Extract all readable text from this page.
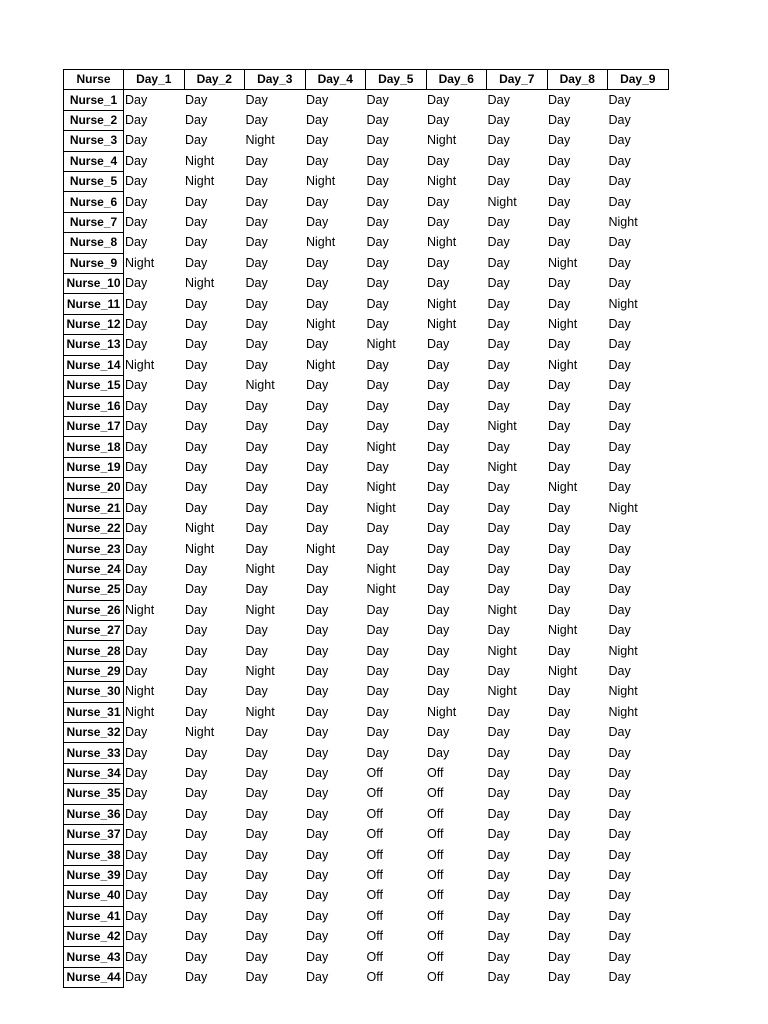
Nurse	Day_1	Day_2	Day_3	Day_4	Day_5	Day_6	Day_7	Day_8	Day_9
Nurse_1	Day	Day	Day	Day	Day	Day	Day	Day	Day
Nurse_2	Day	Day	Day	Day	Day	Day	Day	Day	Day
Nurse_3	Day	Day	Night	Day	Day	Night	Day	Day	Day
Nurse_4	Day	Night	Day	Day	Day	Day	Day	Day	Day
Nurse_5	Day	Night	Day	Night	Day	Night	Day	Day	Day
Nurse_6	Day	Day	Day	Day	Day	Day	Night	Day	Day
Nurse_7	Day	Day	Day	Day	Day	Day	Day	Day	Night
Nurse_8	Day	Day	Day	Night	Day	Night	Day	Day	Day
Nurse_9	Night	Day	Day	Day	Day	Day	Day	Night	Day
Nurse_10	Day	Night	Day	Day	Day	Day	Day	Day	Day
Nurse_11	Day	Day	Day	Day	Day	Night	Day	Day	Night
Nurse_12	Day	Day	Day	Night	Day	Night	Day	Night	Day
Nurse_13	Day	Day	Day	Day	Night	Day	Day	Day	Day
Nurse_14	Night	Day	Day	Night	Day	Day	Day	Night	Day
Nurse_15	Day	Day	Night	Day	Day	Day	Day	Day	Day
Nurse_16	Day	Day	Day	Day	Day	Day	Day	Day	Day
Nurse_17	Day	Day	Day	Day	Day	Day	Night	Day	Day
Nurse_18	Day	Day	Day	Day	Night	Day	Day	Day	Day
Nurse_19	Day	Day	Day	Day	Day	Day	Night	Day	Day
Nurse_20	Day	Day	Day	Day	Night	Day	Day	Night	Day
Nurse_21	Day	Day	Day	Day	Night	Day	Day	Day	Night
Nurse_22	Day	Night	Day	Day	Day	Day	Day	Day	Day
Nurse_23	Day	Night	Day	Night	Day	Day	Day	Day	Day
Nurse_24	Day	Day	Night	Day	Night	Day	Day	Day	Day
Nurse_25	Day	Day	Day	Day	Night	Day	Day	Day	Day
Nurse_26	Night	Day	Night	Day	Day	Day	Night	Day	Day
Nurse_27	Day	Day	Day	Day	Day	Day	Day	Night	Day
Nurse_28	Day	Day	Day	Day	Day	Day	Night	Day	Night
Nurse_29	Day	Day	Night	Day	Day	Day	Day	Night	Day
Nurse_30	Night	Day	Day	Day	Day	Day	Night	Day	Night
Nurse_31	Night	Day	Night	Day	Day	Night	Day	Day	Night
Nurse_32	Day	Night	Day	Day	Day	Day	Day	Day	Day
Nurse_33	Day	Day	Day	Day	Day	Day	Day	Day	Day
Nurse_34	Day	Day	Day	Day	Off	Off	Day	Day	Day
Nurse_35	Day	Day	Day	Day	Off	Off	Day	Day	Day
Nurse_36	Day	Day	Day	Day	Off	Off	Day	Day	Day
Nurse_37	Day	Day	Day	Day	Off	Off	Day	Day	Day
Nurse_38	Day	Day	Day	Day	Off	Off	Day	Day	Day
Nurse_39	Day	Day	Day	Day	Off	Off	Day	Day	Day
Nurse_40	Day	Day	Day	Day	Off	Off	Day	Day	Day
Nurse_41	Day	Day	Day	Day	Off	Off	Day	Day	Day
Nurse_42	Day	Day	Day	Day	Off	Off	Day	Day	Day
Nurse_43	Day	Day	Day	Day	Off	Off	Day	Day	Day
Nurse_44	Day	Day	Day	Day	Off	Off	Day	Day	Day
